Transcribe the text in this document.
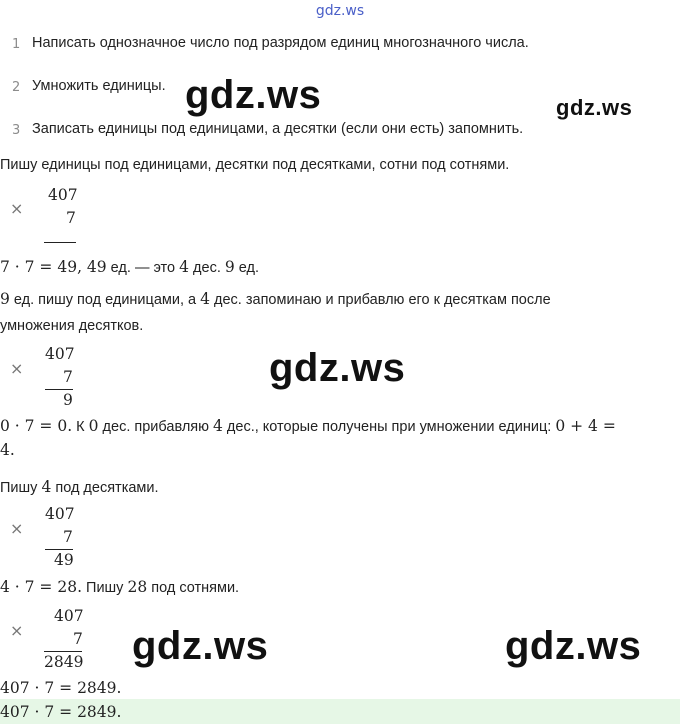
gdz.ws
1 Написать однозначное число под разрядом единиц многозначного числа.
2 Умножить единицы.
3 Записать единицы под единицами, а десятки (если они есть) запомнить.
Пишу единицы под единицами, десятки под десятками, сотни под сотнями.
×
407
7
7 · 7 = 49, 49 ед. — это 4 дес. 9 ед.
9 ед. пишу под единицами, а 4 дес. запоминаю и прибавлю его к десяткам после
умножения десятков.
×
407
7
9
0 · 7 = 0. К 0 дес. прибавляю 4 дес., которые получены при умножении единиц: 0 + 4 =
4.
Пишу 4 под десятками.
×
407
7
49
4 · 7 = 28. Пишу 28 под сотнями.
×
407
7
2849
407 · 7 = 2849.
407 · 7 = 2849.
gdz.ws	gdz.ws
gdz.ws
gdz.ws	gdz.ws
